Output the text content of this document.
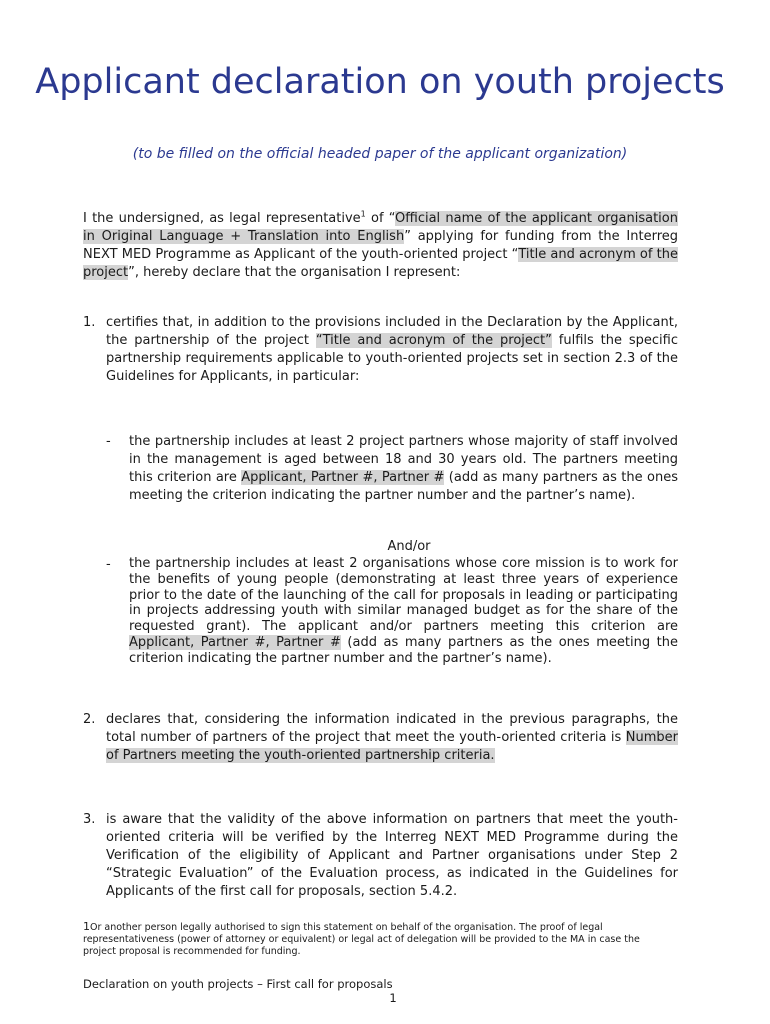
Applicant declaration on youth projects
(to be filled on the official headed paper of the applicant organization)

I the undersigned, as legal representative$^1$ of “Official name of the applicant organisation in Original Language + Translation into English” applying for funding from the Interreg NEXT MED Programme as Applicant of the youth-oriented project “Title and acronym of the project”, hereby declare that the organisation I represent:

1. certifies that, in addition to the provisions included in the Declaration by the Applicant, the partnership of the project “Title and acronym of the project” fulfils the specific partnership requirements applicable to youth-oriented projects set in section 2.3 of the Guidelines for Applicants, in particular:

- the partnership includes at least 2 project partners whose majority of staff involved in the management is aged between 18 and 30 years old. The partners meeting this criterion are Applicant, Partner #, Partner # (add as many partners as the ones meeting the criterion indicating the partner number and the partner’s name).

And/or
- the partnership includes at least 2 organisations whose core mission is to work for the benefits of young people (demonstrating at least three years of experience prior to the date of the launching of the call for proposals in leading or participating in projects addressing youth with similar managed budget as for the share of the requested grant). The applicant and/or partners meeting this criterion are Applicant, Partner #, Partner # (add as many partners as the ones meeting the criterion indicating the partner number and the partner’s name).

2. declares that, considering the information indicated in the previous paragraphs, the total number of partners of the project that meet the youth-oriented criteria is Number of Partners meeting the youth-oriented partnership criteria.

3. is aware that the validity of the above information on partners that meet the youth-oriented criteria will be verified by the Interreg NEXT MED Programme during the Verification of the eligibility of Applicant and Partner organisations under Step 2 “Strategic Evaluation” of the Evaluation process, as indicated in the Guidelines for Applicants of the first call for proposals, section 5.4.2.

1Or another person legally authorised to sign this statement on behalf of the organisation. The proof of legal representativeness (power of attorney or equivalent) or legal act of delegation will be provided to the MA in case the project proposal is recommended for funding.

Declaration on youth projects – First call for proposals
1
